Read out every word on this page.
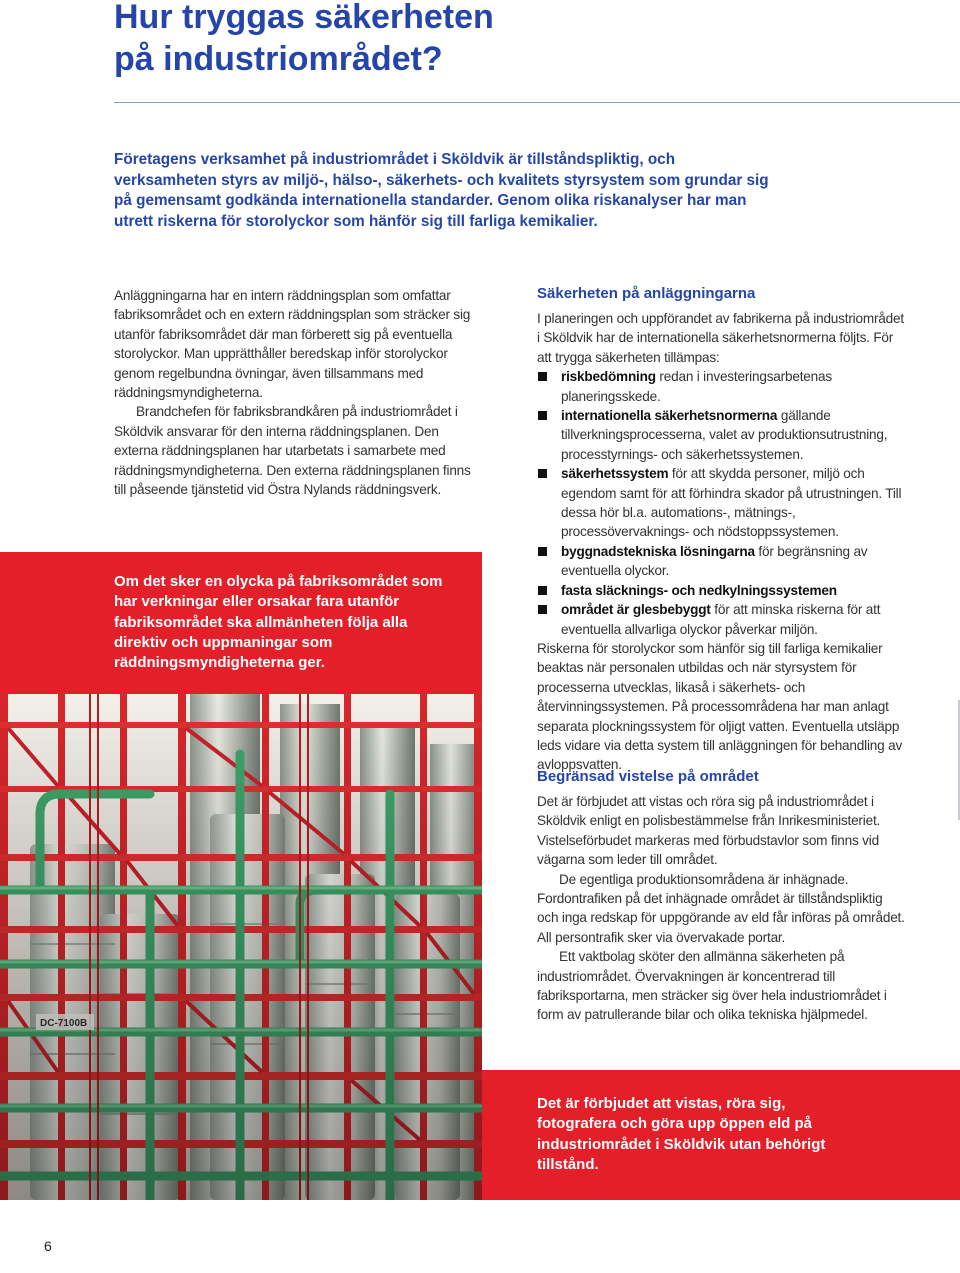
Hur tryggas säkerheten
på industriområdet?

Företagens verksamhet på industriområdet i Sköldvik är tillståndspliktig, och verksamheten styrs av miljö-, hälso-, säkerhets- och kvalitets styrsystem som grundar sig på gemensamt godkända internationella standarder. Genom olika riskanalyser har man utrett riskerna för storolyckor som hänför sig till farliga kemikalier.

Anläggningarna har en intern räddningsplan som omfattar fabriksområdet och en extern räddningsplan som sträcker sig utanför fabriksområdet där man förberett sig på eventuella storolyckor. Man upprätthåller beredskap inför storolyckor genom regelbundna övningar, även tillsammans med räddningsmyndigheterna.

Brandchefen för fabriksbrandkåren på industriområdet i Sköldvik ansvarar för den interna räddningsplanen. Den externa räddningsplanen har utarbetats i samarbete med räddningsmyndigheterna. Den externa räddningsplanen finns till påseende tjänstetid vid Östra Nylands räddningsverk.

Om det sker en olycka på fabriksområdet som har verkningar eller orsakar fara utanför fabriksområdet ska allmänheten följa alla direktiv och uppmaningar som räddningsmyndigheterna ger.
Säkerheten på anläggningarna

I planeringen och uppförandet av fabrikerna på industriområdet i Sköldvik har de internationella säkerhetsnormerna följts. För att trygga säkerheten tillämpas:

riskbedömning redan i investeringsarbetenas planeringsskede.
internationella säkerhetsnormerna gällande tillverkningsprocesserna, valet av produktionsutrustning, processtyrnings- och säkerhetssystemen.
säkerhetssystem för att skydda personer, miljö och egendom samt för att förhindra skador på utrustningen. Till dessa hör bl.a. automations-, mätnings-, processövervaknings- och nödstoppssystemen.
byggnadstekniska lösningarna för begränsning av eventuella olyckor.
fasta släcknings- och nedkylningssystemen
området är glesbebyggt för att minska riskerna för att eventuella allvarliga olyckor påverkar miljön.

Riskerna för storolyckor som hänför sig till farliga kemikalier beaktas när personalen utbildas och när styrsystem för processerna utvecklas, likaså i säkerhets- och återvinningssystemen. På processområdena har man anlagt separata plockningssystem för oljigt vatten. Eventuella utsläpp leds vidare via detta system till anläggningen för behandling av avloppsvatten.

Begränsad vistelse på området

Det är förbjudet att vistas och röra sig på industriområdet i Sköldvik enligt en polisbestämmelse från Inrikesministeriet. Vistelseförbudet markeras med förbudstavlor som finns vid vägarna som leder till området.

De egentliga produktionsområdena är inhägnade. Fordontrafiken på det inhägnade området är tillståndspliktig och inga redskap för uppgörande av eld får införas på området. All persontrafik sker via övervakade portar.

Ett vaktbolag sköter den allmänna säkerheten på industriområdet. Övervakningen är koncentrerad till fabriksportarna, men sträcker sig över hela industriområdet i form av patrullerande bilar och olika tekniska hjälpmedel.

Det är förbjudet att vistas, röra sig, fotografera och göra upp öppen eld på industriområdet i Sköldvik utan behörigt tillstånd.
6
